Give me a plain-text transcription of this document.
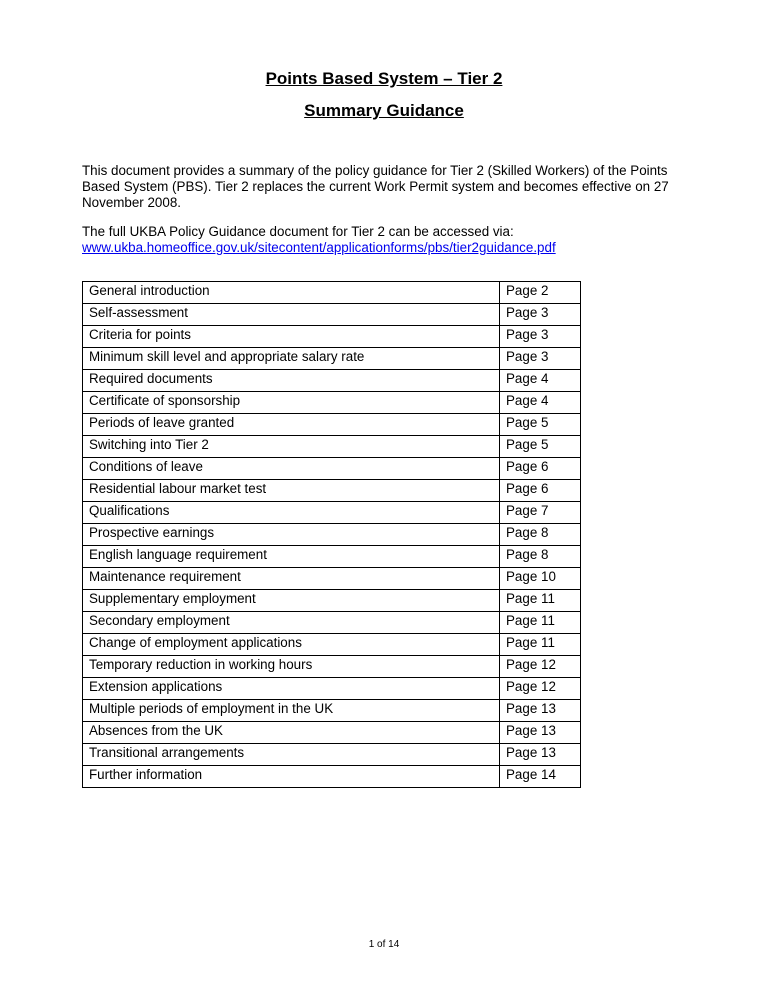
Points Based System – Tier 2
Summary Guidance

This document provides a summary of the policy guidance for Tier 2 (Skilled Workers) of the Points Based System (PBS). Tier 2 replaces the current Work Permit system and becomes effective on 27 November 2008.

The full UKBA Policy Guidance document for Tier 2 can be accessed via:
www.ukba.homeoffice.gov.uk/sitecontent/applicationforms/pbs/tier2guidance.pdf
General introduction	Page 2
Self-assessment	Page 3
Criteria for points	Page 3
Minimum skill level and appropriate salary rate	Page 3
Required documents	Page 4
Certificate of sponsorship	Page 4
Periods of leave granted	Page 5
Switching into Tier 2	Page 5
Conditions of leave	Page 6
Residential labour market test	Page 6
Qualifications	Page 7
Prospective earnings	Page 8
English language requirement	Page 8
Maintenance requirement	Page 10
Supplementary employment	Page 11
Secondary employment	Page 11
Change of employment applications	Page 11
Temporary reduction in working hours	Page 12
Extension applications	Page 12
Multiple periods of employment in the UK	Page 13
Absences from the UK	Page 13
Transitional arrangements	Page 13
Further information	Page 14
1 of 14
